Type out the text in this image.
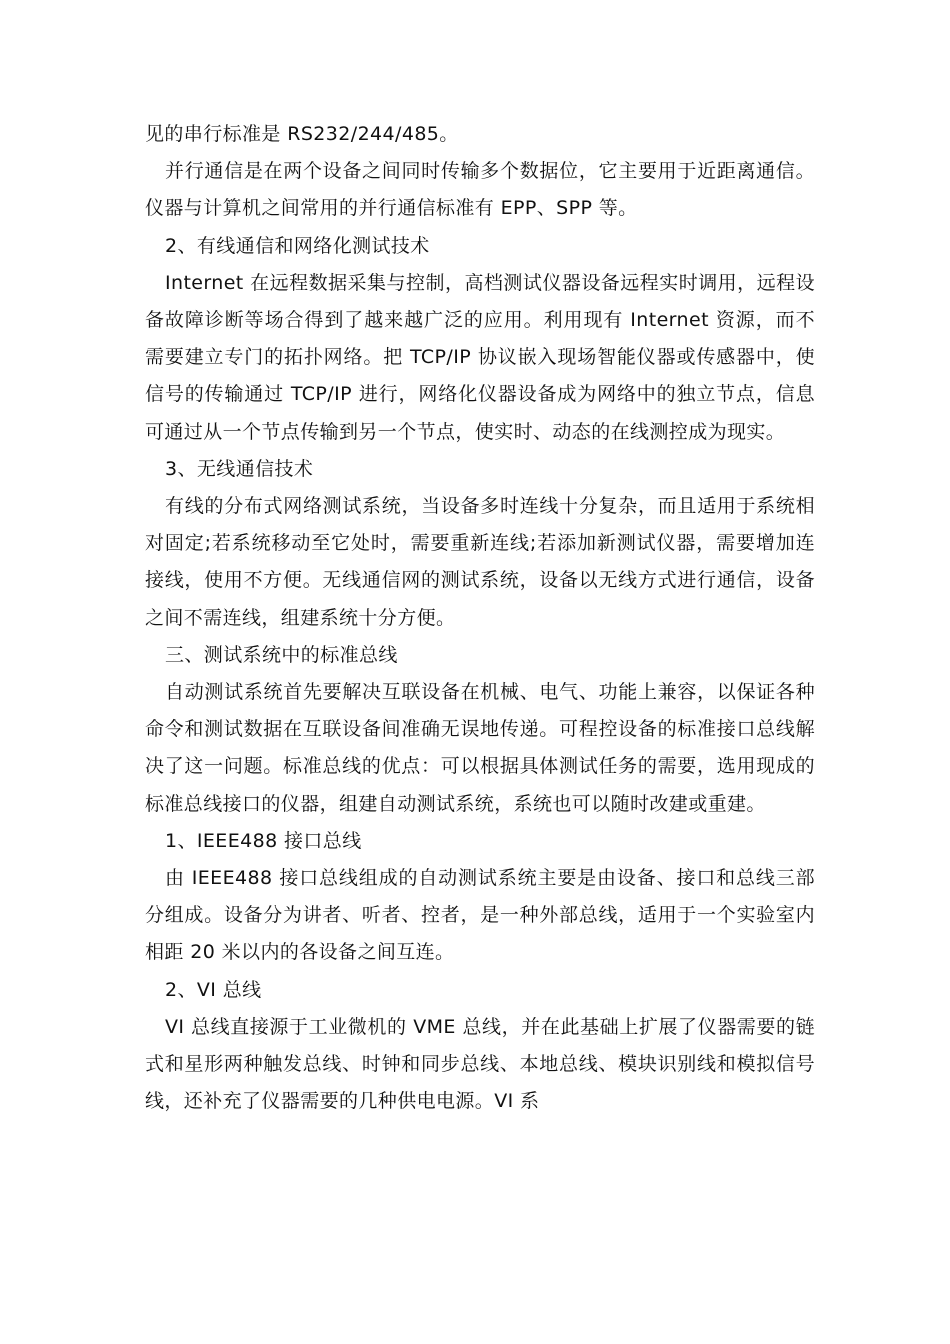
见的串行标准是 RS232/244/485。

并行通信是在两个设备之间同时传输多个数据位，它主要用于近距离通信。仪器与计算机之间常用的并行通信标准有 EPP、SPP 等。

2、有线通信和网络化测试技术

Internet 在远程数据采集与控制，高档测试仪器设备远程实时调用，远程设备故障诊断等场合得到了越来越广泛的应用。利用现有 Internet 资源，而不需要建立专门的拓扑网络。把 TCP/IP 协议嵌入现场智能仪器或传感器中，使信号的传输通过 TCP/IP 进行，网络化仪器设备成为网络中的独立节点，信息可通过从一个节点传输到另一个节点，使实时、动态的在线测控成为现实。

3、无线通信技术

有线的分布式网络测试系统，当设备多时连线十分复杂，而且适用于系统相对固定;若系统移动至它处时，需要重新连线;若添加新测试仪器，需要增加连接线，使用不方便。无线通信网的测试系统，设备以无线方式进行通信，设备之间不需连线，组建系统十分方便。

三、测试系统中的标准总线

自动测试系统首先要解决互联设备在机械、电气、功能上兼容，以保证各种命令和测试数据在互联设备间准确无误地传递。可程控设备的标准接口总线解决了这一问题。标准总线的优点：可以根据具体测试任务的需要，选用现成的标准总线接口的仪器，组建自动测试系统，系统也可以随时改建或重建。

1、IEEE488 接口总线

由 IEEE488 接口总线组成的自动测试系统主要是由设备、接口和总线三部分组成。设备分为讲者、听者、控者，是一种外部总线，适用于一个实验室内相距 20 米以内的各设备之间互连。

2、VI 总线

VI 总线直接源于工业微机的 VME 总线，并在此基础上扩展了仪器需要的链式和星形两种触发总线、时钟和同步总线、本地总线、模块识别线和模拟信号线，还补充了仪器需要的几种供电电源。VI 系
